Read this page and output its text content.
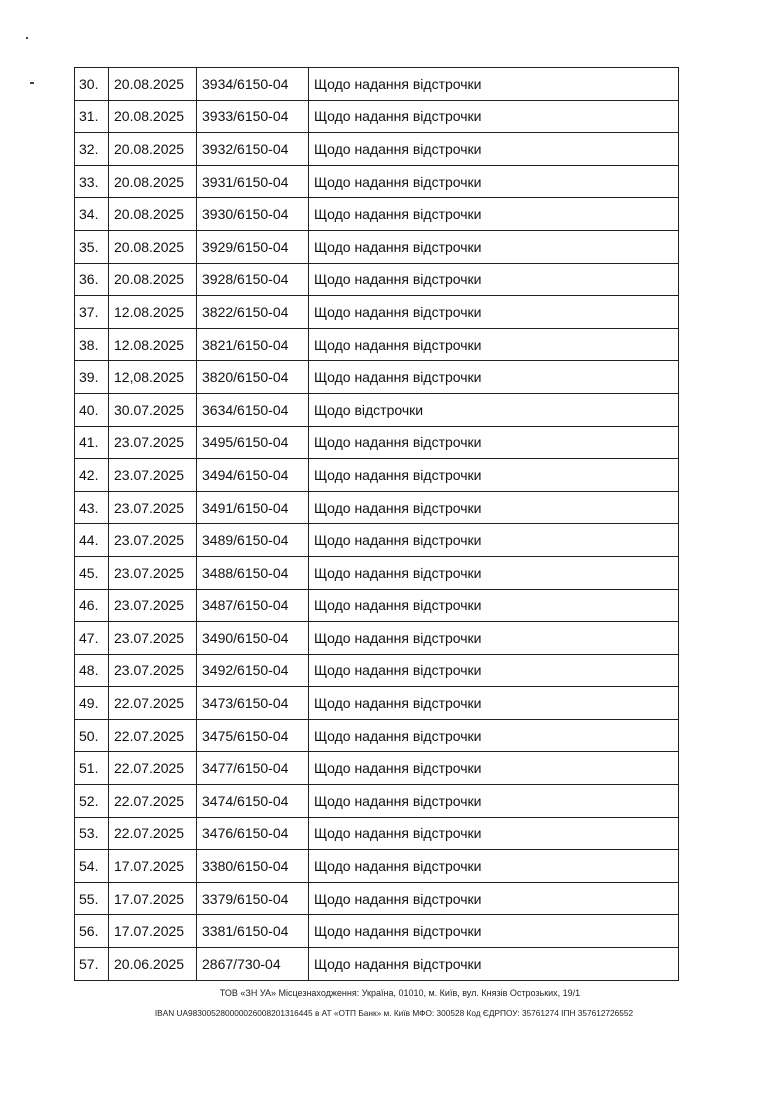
30.	20.08.2025	3934/6150-04	Щодо надання відстрочки
31.	20.08.2025	3933/6150-04	Щодо надання відстрочки
32.	20.08.2025	3932/6150-04	Щодо надання відстрочки
33.	20.08.2025	3931/6150-04	Щодо надання відстрочки
34.	20.08.2025	3930/6150-04	Щодо надання відстрочки
35.	20.08.2025	3929/6150-04	Щодо надання відстрочки
36.	20.08.2025	3928/6150-04	Щодо надання відстрочки
37.	12.08.2025	3822/6150-04	Щодо надання відстрочки
38.	12.08.2025	3821/6150-04	Щодо надання відстрочки
39.	12,08.2025	3820/6150-04	Щодо надання відстрочки
40.	30.07.2025	3634/6150-04	Щодо відстрочки
41.	23.07.2025	3495/6150-04	Щодо надання відстрочки
42.	23.07.2025	3494/6150-04	Щодо надання відстрочки
43.	23.07.2025	3491/6150-04	Щодо надання відстрочки
44.	23.07.2025	3489/6150-04	Щодо надання відстрочки
45.	23.07.2025	3488/6150-04	Щодо надання відстрочки
46.	23.07.2025	3487/6150-04	Щодо надання відстрочки
47.	23.07.2025	3490/6150-04	Щодо надання відстрочки
48.	23.07.2025	3492/6150-04	Щодо надання відстрочки
49.	22.07.2025	3473/6150-04	Щодо надання відстрочки
50.	22.07.2025	3475/6150-04	Щодо надання відстрочки
51.	22.07.2025	3477/6150-04	Щодо надання відстрочки
52.	22.07.2025	3474/6150-04	Щодо надання відстрочки
53.	22.07.2025	3476/6150-04	Щодо надання відстрочки
54.	17.07.2025	3380/6150-04	Щодо надання відстрочки
55.	17.07.2025	3379/6150-04	Щодо надання відстрочки
56.	17.07.2025	3381/6150-04	Щодо надання відстрочки
57.	20.06.2025	2867/730-04	Щодо надання відстрочки
ТОВ «ЗН УА» Місцезнаходження: Україна, 01010, м. Київ, вул. Князів Острозьких, 19/1
IBAN UA983005280000026008201316445 в АТ «ОТП Банк» м. Київ МФО: 300528 Код ЄДРПОУ: 35761274 ІПН 357612726552
